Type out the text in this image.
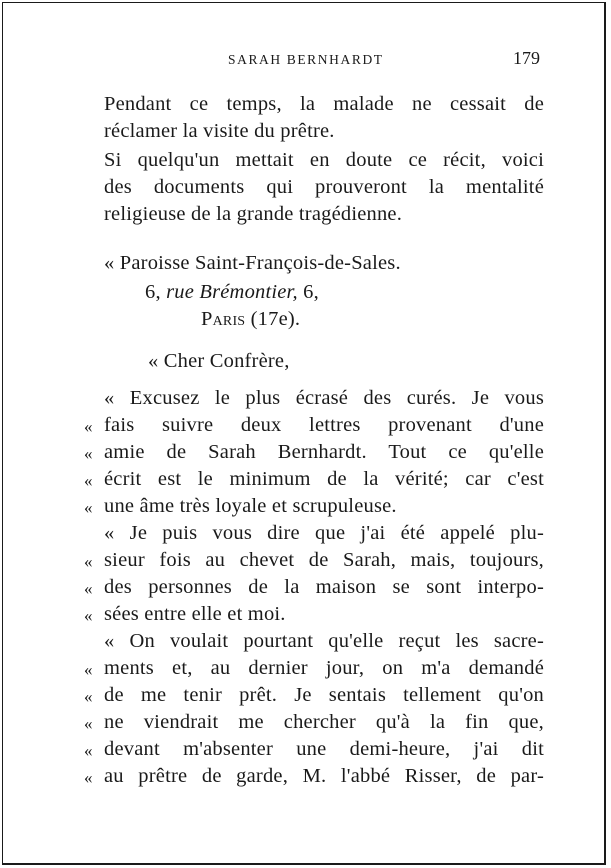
SARAH BERNHARDT	179
Pendant ce temps, la malade ne cessait de
réclamer la visite du prêtre.
Si quelqu'un mettait en doute ce récit, voici
des documents qui prouveront la mentalité
religieuse de la grande tragédienne.
« Paroisse Saint-François-de-Sales.
6, rue Brémontier, 6,
Paris (17e).
« Cher Confrère,
« Excusez le plus écrasé des curés. Je vous
« fais suivre deux lettres provenant d'une
« amie de Sarah Bernhardt. Tout ce qu'elle
« écrit est le minimum de la vérité; car c'est
« une âme très loyale et scrupuleuse.
« Je puis vous dire que j'ai été appelé plu-
« sieur fois au chevet de Sarah, mais, toujours,
« des personnes de la maison se sont interpo-
« sées entre elle et moi.
« On voulait pourtant qu'elle reçut les sacre-
« ments et, au dernier jour, on m'a demandé
« de me tenir prêt. Je sentais tellement qu'on
« ne viendrait me chercher qu'à la fin que,
« devant m'absenter une demi-heure, j'ai dit
« au prêtre de garde, M. l'abbé Risser, de par-
